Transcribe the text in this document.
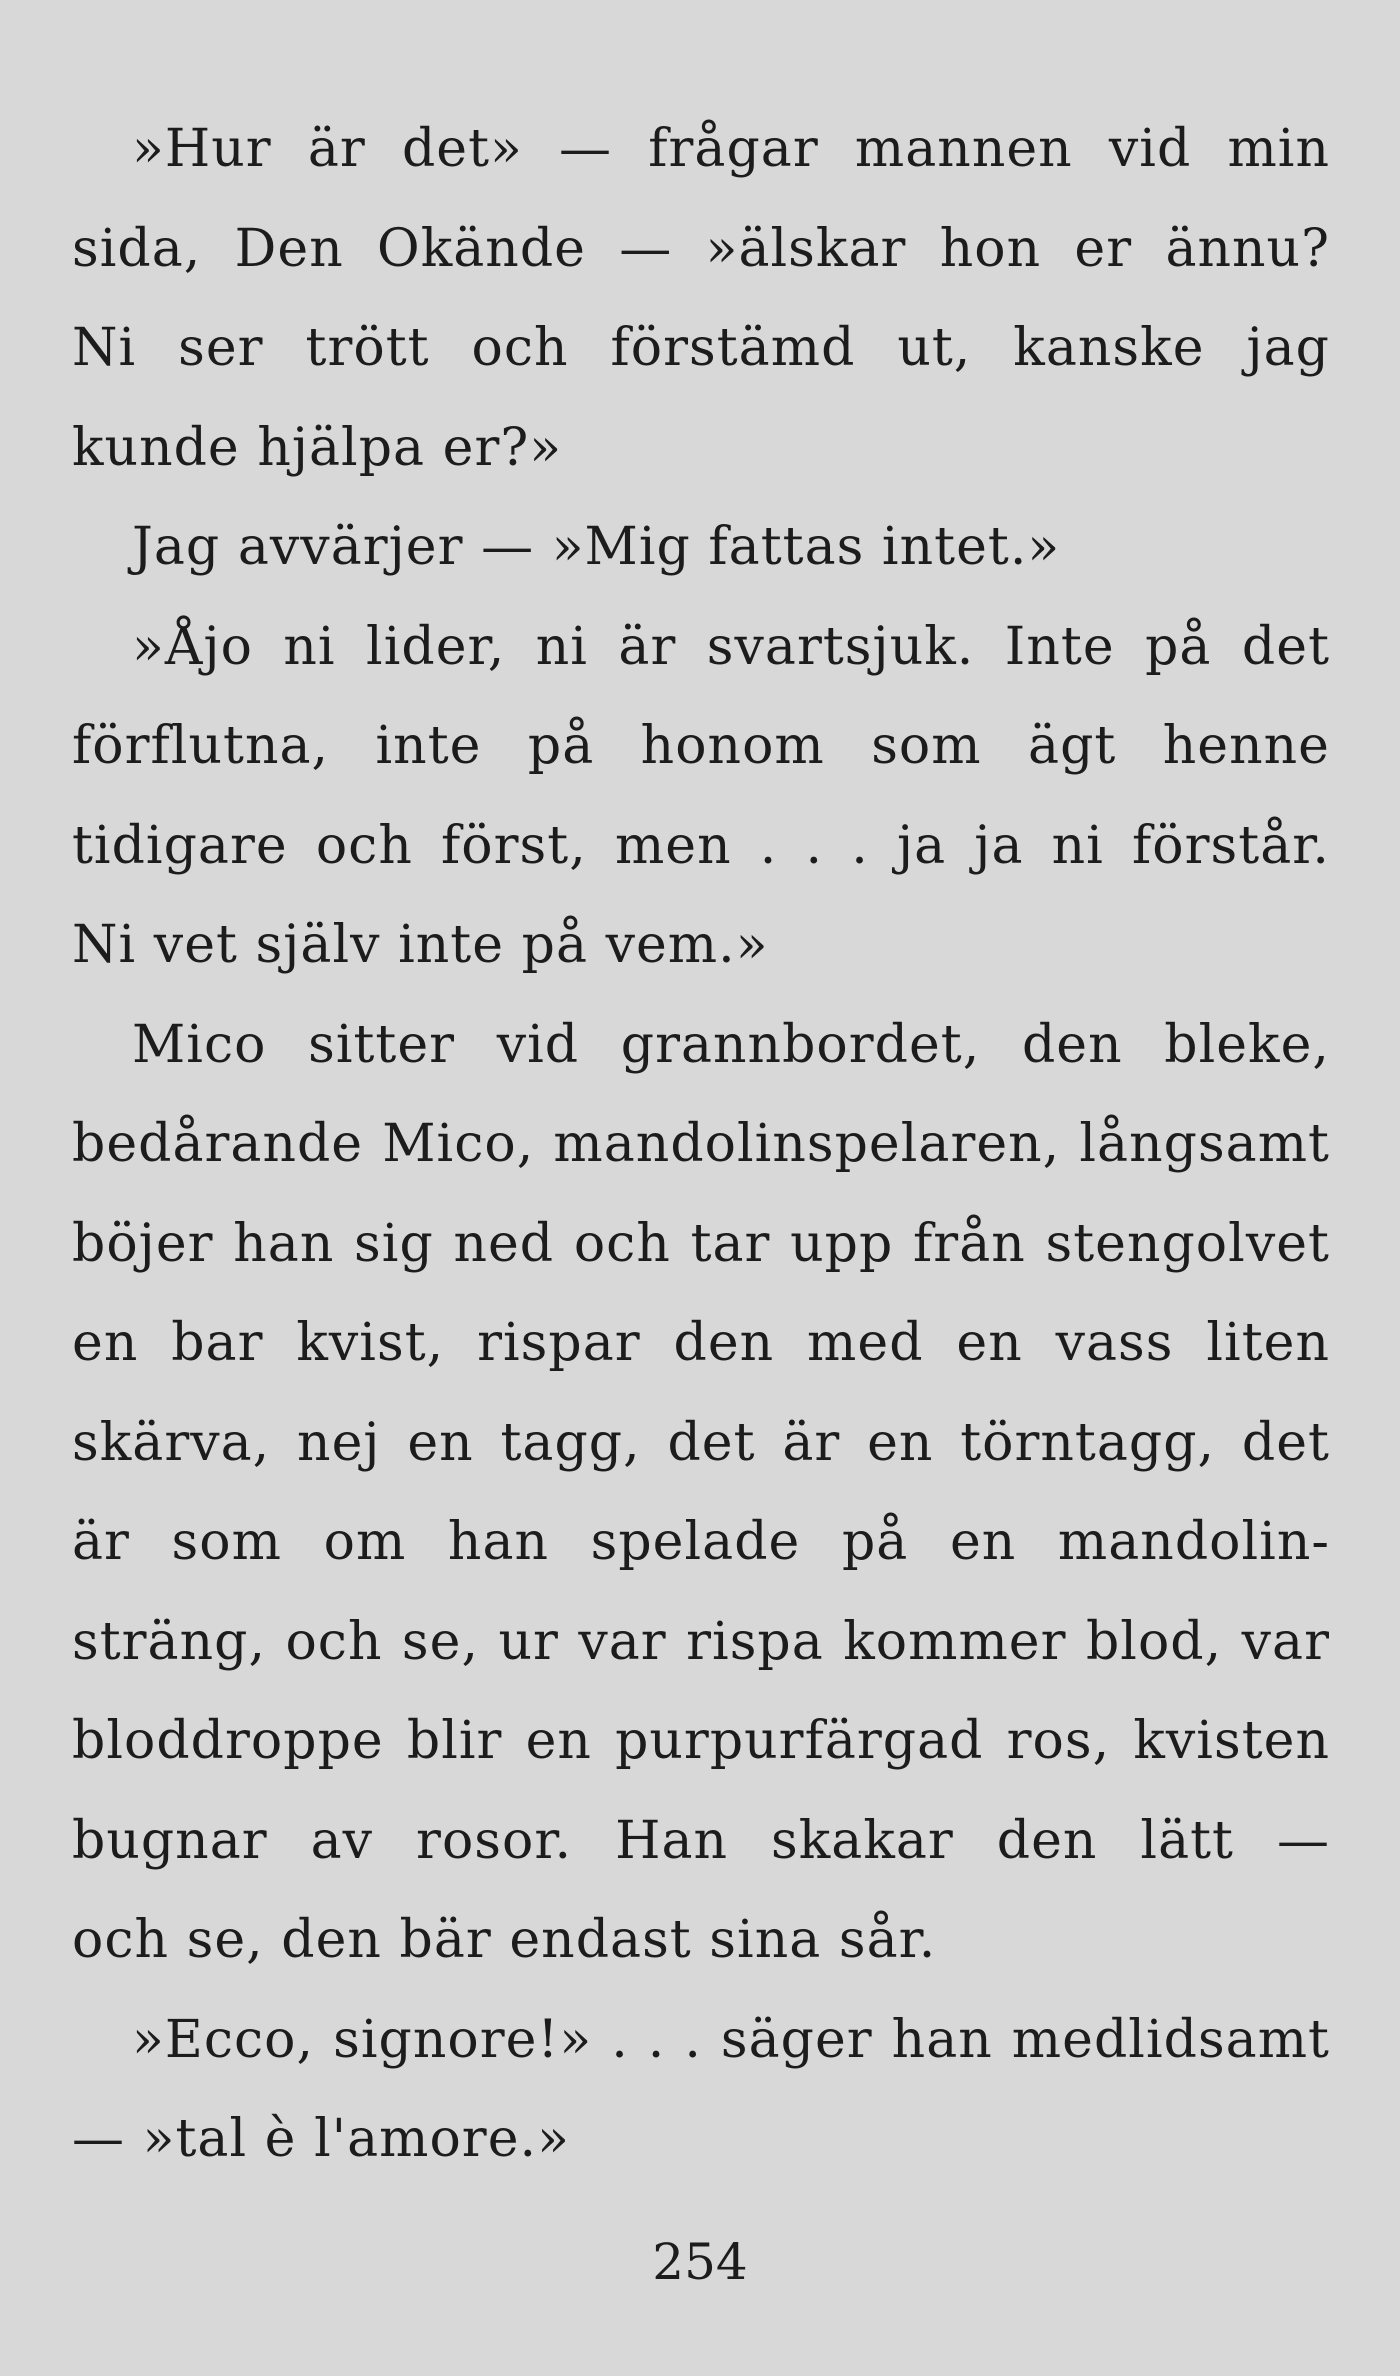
»Hur är det» — frågar mannen vid min
sida, Den Okände — »älskar hon er ännu?
Ni ser trött och förstämd ut, kanske jag
kunde hjälpa er?»
Jag avvärjer — »Mig fattas intet.»
»Åjo ni lider, ni är svartsjuk. Inte på det
förflutna, inte på honom som ägt henne
tidigare och först, men . . . ja ja ni förstår.
Ni vet själv inte på vem.»
Mico sitter vid grannbordet, den bleke,
bedårande Mico, mandolinspelaren, långsamt
böjer han sig ned och tar upp från stengolvet
en bar kvist, rispar den med en vass liten
skärva, nej en tagg, det är en törntagg, det
är som om han spelade på en mandolin-
sträng, och se, ur var rispa kommer blod, var
bloddroppe blir en purpurfärgad ros, kvisten
bugnar av rosor. Han skakar den lätt —
och se, den bär endast sina sår.
»Ecco, signore!» . . . säger han medlidsamt
— »tal è l'amore.»
254
